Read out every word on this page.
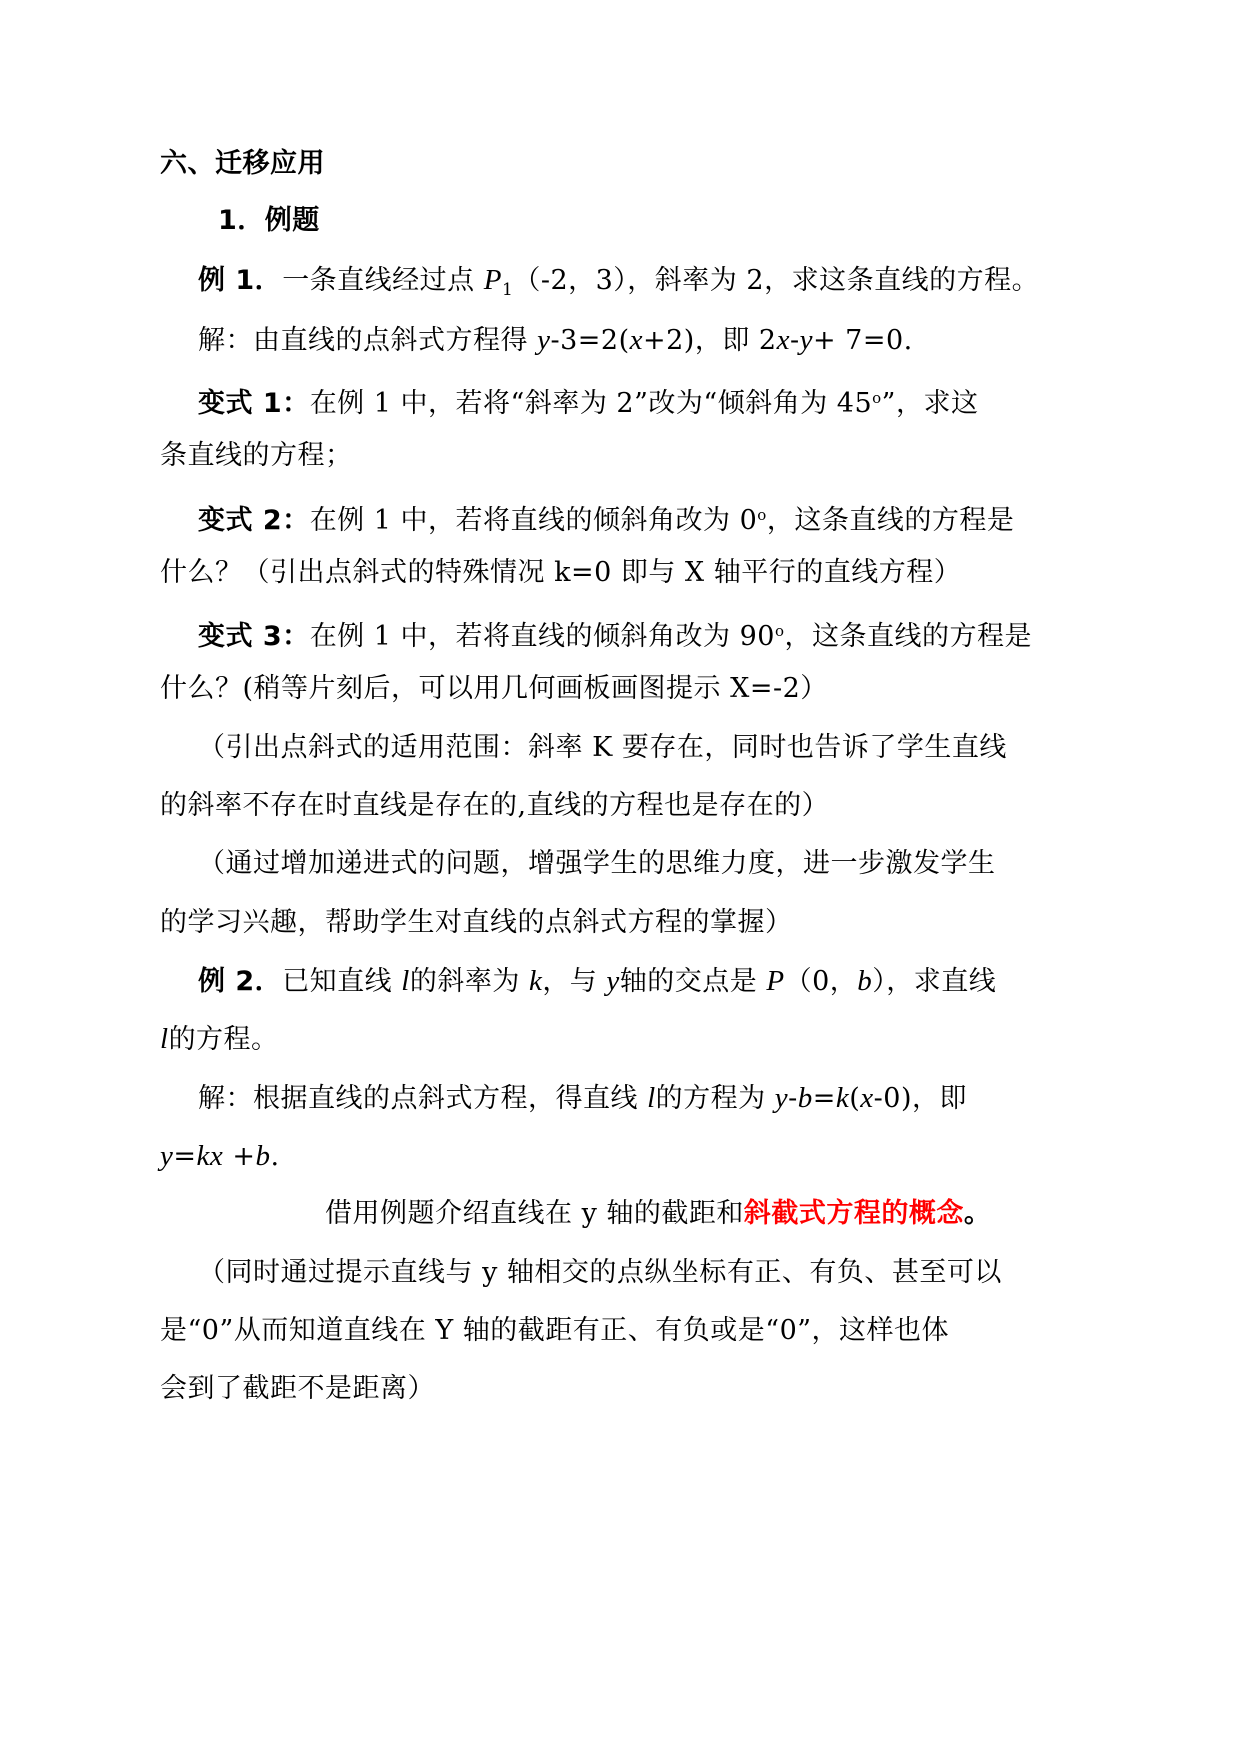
六、迁移应用
1．例题
例 1．一条直线经过点 $P_1(-2$，3），斜率为 2，求这条直线的方程。
解：由直线的点斜式方程得 y-3=2(x+2)，即 2x-y+ 7=0.
变式 1：在例 1 中，若将“斜率为 2”改为“倾斜角为 45$^o$”，求这
条直线的方程；
变式 2：在例 1 中，若将直线的倾斜角改为 0$^o$，这条直线的方程是
什么？（引出点斜式的特殊情况 k=0 即与 X 轴平行的直线方程）
变式 3：在例 1 中，若将直线的倾斜角改为 90$^o$，这条直线的方程是
什么？(稍等片刻后，可以用几何画板画图提示 X=-2）
（引出点斜式的适用范围：斜率 K 要存在，同时也告诉了学生直线
的斜率不存在时直线是存在的,直线的方程也是存在的）
（通过增加递进式的问题，增强学生的思维力度，进一步激发学生
的学习兴趣，帮助学生对直线的点斜式方程的掌握）
例 2．已知直线 l的斜率为 k，与 y轴的交点是 P（0，b），求直线
l的方程。
解：根据直线的点斜式方程，得直线 l的方程为 y-b=k(x-0)，即
y=kx +b.
借用例题介绍直线在 y 轴的截距和斜截式方程的概念。
（同时通过提示直线与 y 轴相交的点纵坐标有正、有负、甚至可以
是“0”从而知道直线在 Y 轴的截距有正、有负或是“0”，这样也体
会到了截距不是距离）
